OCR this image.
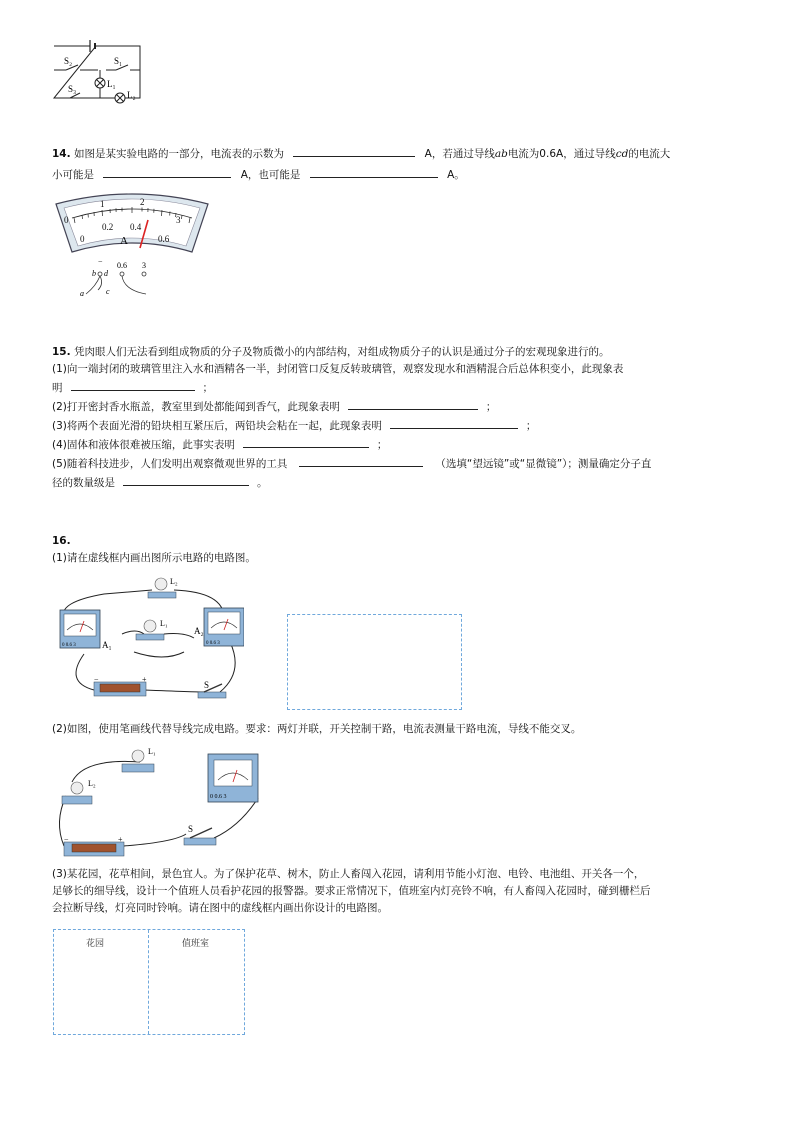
S₂	S₁
S₃	L₁
L₂
14. 如图是某实验电路的一部分，电流表的示数为	A，若通过导线ab电流为0.6A，通过导线cd的电流大
小可能是	A，也可能是	A。
0
1	2
3
0
0.2 0.4
0.6
A
− 0.6 3
a
b d
c
15. 凭肉眼人们无法看到组成物质的分子及物质微小的内部结构，对组成物质分子的认识是通过分子的宏观现象进行的。
(1)向一端封闭的玻璃管里注入水和酒精各一半，封闭管口反复反转玻璃管，观察发现水和酒精混合后总体积变小，此现象表
明	；
(2)打开密封香水瓶盖，教室里到处都能闻到香气，此现象表明	；
(3)将两个表面光滑的铅块相互紧压后，两铅块会粘在一起，此现象表明	；
(4)固体和液体很难被压缩，此事实表明	；
(5)随着科技进步，人们发明出观察微观世界的工具	（选填“望远镜”或“显微镜”）；测量确定分子直
径的数量级是	。
16.
(1)请在虚线框内画出图所示电路的电路图。
0 0.6 3	A₁	0 0.6 3
A₂
L₂
L₁
−	+
S
(2)如图，使用笔画线代替导线完成电路。要求：两灯并联，开关控制干路，电流表测量干路电流，导线不能交叉。
L₁
L₂
0 0.6 3
−	+
S
(3)某花园，花草相间，景色宜人。为了保护花草、树木，防止人畜闯入花园，请利用节能小灯泡、电铃、电池组、开关各一个，
足够长的细导线，设计一个值班人员看护花园的报警器。要求正常情况下，值班室内灯亮铃不响，有人畜闯入花园时，碰到栅栏后
会拉断导线，灯亮同时铃响。请在图中的虚线框内画出你设计的电路图。
花园	值班室
